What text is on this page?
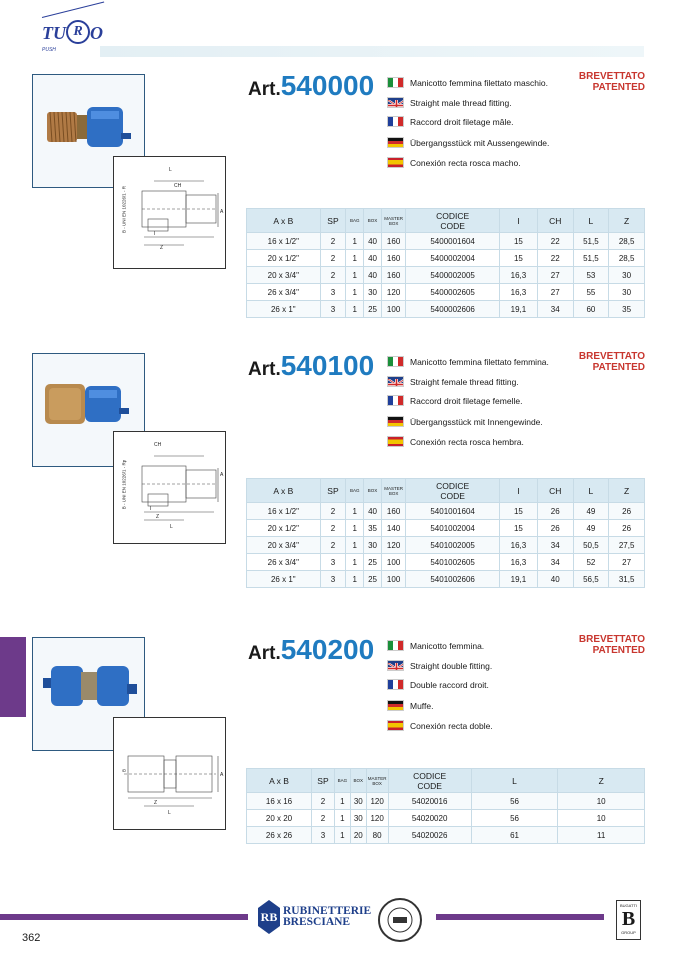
TU R O
PUSH
L
CH
A
I
Z
B - UNI EN 10226/1 - R
Art.540000	BREVETTATO
PATENTED
Manicotto femmina filettato maschio.
Straight male thread fitting.
Raccord droit filetage mâle.
Übergangsstück mit Aussengewinde.
Conexión recta rosca macho.
A x B	SP	BAG	BOX	MASTER BOX	CODICE
CODE	I	CH	L	Z
16 x 1/2"	2	1	40	160	5400001604	15	22	51,5	28,5
20 x 1/2"	2	1	40	160	5400002004	15	22	51,5	28,5
20 x 3/4"	2	1	40	160	5400002005	16,3	27	53	30
26 x 3/4"	3	1	30	120	5400002605	16,3	27	55	30
26 x 1"	3	1	25	100	5400002606	19,1	34	60	35
CH
A
I
Z
L
B - UNI EN 10226/1 - Rp
Art.540100	BREVETTATO
PATENTED
Manicotto femmina filettato femmina.
Straight female thread fitting.
Raccord droit filetage femelle.
Übergangsstück mit Innengewinde.
Conexión recta rosca hembra.
A x B	SP	BAG	BOX	MASTER BOX	CODICE
CODE	I	CH	L	Z
16 x 1/2"	2	1	40	160	5401001604	15	26	49	26
20 x 1/2"	2	1	35	140	5401002004	15	26	49	26
20 x 3/4"	2	1	30	120	5401002005	16,3	34	50,5	27,5
26 x 3/4"	3	1	25	100	5401002605	16,3	34	52	27
26 x 1"	3	1	25	100	5401002606	19,1	40	56,5	31,5
A
Z
L
B
Art.540200	BREVETTATO
PATENTED
Manicotto femmina.
Straight double fitting.
Double raccord droit.
Muffe.
Conexión recta doble.
A x B	SP	BAG	BOX	MASTER BOX	CODICE
CODE	L	Z
16 x 16	2	1	30	120	54020016	56	10
20 x 20	2	1	30	120	54020020	56	10
26 x 26	3	1	20	80	54020026	61	11
362
RB RUBINETTERIE
BRESCIANE
BUGATTI
B
GROUP
